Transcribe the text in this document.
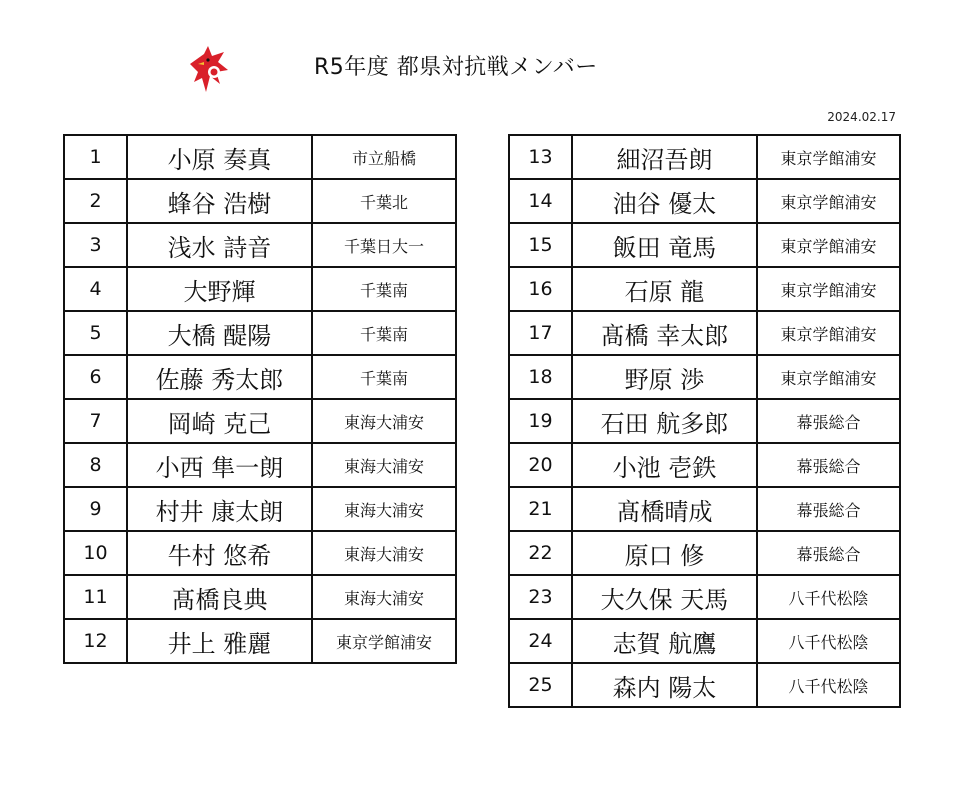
R5年度 都県対抗戦メンバー
2024.02.17
1	小原 奏真	市立船橋
2	蜂谷 浩樹	千葉北
3	浅水 詩音	千葉日大一
4	大野輝	千葉南
5	大橋 醍陽	千葉南
6	佐藤 秀太郎	千葉南
7	岡崎 克己	東海大浦安
8	小西 隼一朗	東海大浦安
9	村井 康太朗	東海大浦安
10	牛村 悠希	東海大浦安
11	髙橋良典	東海大浦安
12	井上 雅麗	東京学館浦安
13	細沼吾朗	東京学館浦安
14	油谷 優太	東京学館浦安
15	飯田 竜馬	東京学館浦安
16	石原 龍	東京学館浦安
17	髙橋 幸太郎	東京学館浦安
18	野原 渉	東京学館浦安
19	石田 航多郎	幕張総合
20	小池 壱鉄	幕張総合
21	髙橋晴成	幕張総合
22	原口 修	幕張総合
23	大久保 天馬	八千代松陰
24	志賀 航鷹	八千代松陰
25	森内 陽太	八千代松陰
